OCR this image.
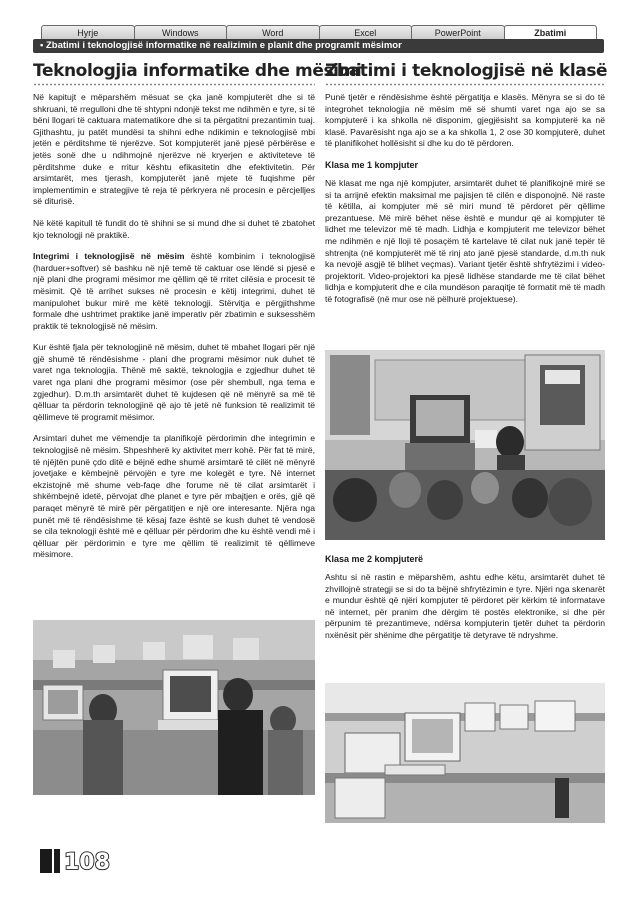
Hyrje	Windows	Word	Excel	PowerPoint	Zbatimi
• Zbatimi i teknologjisë informatike në realizimin e planit dhe programit mësimor
Teknologjia informatike dhe mësimi

Në kapitujt e mëparshëm mësuat se çka janë kompjuterët dhe si të shkruani, të rregulloni dhe të shtypni ndonjë tekst me ndihmën e tyre, si të bëni llogari të caktuara matematikore dhe si ta përgatitni prezantimin tuaj. Gjithashtu, ju patët mundësi ta shihni edhe ndikimin e teknologjisë mbi jetën e përditshme të njerëzve. Sot kompjuterët janë pjesë përbërëse e jetës sonë dhe u ndihmojnë njerëzve në kryerjen e aktiviteteve të përditshme duke e rritur kështu efikasitetin dhe efektivitetin. Për arsimtarët, mes tjerash, kompjuterët janë mjete të fuqishme për implementimin e strategjive të reja të përkryera në procesin e përcjelljes së diturisë.

Në këtë kapitull të fundit do të shihni se si mund dhe si duhet të zbatohet kjo teknologji në praktikë.

Integrimi i teknologjisë në mësim është kombinim i teknologjisë (harduer+softver) së bashku në një temë të caktuar ose lëndë si pjesë e një plani dhe programi mësimor me qëllim që të rritet cilësia e procesit të mësimit. Që të arrihet sukses në procesin e këtij integrimi, duhet të manipulohet bukur mirë me këtë teknologji. Stërvitja e përgjithshme formale dhe ushtrimet praktike janë imperativ për zbatimin e suksesshëm praktik të teknologjisë në mësim.

Kur është fjala për teknologjinë në mësim, duhet të mbahet llogari për një gjë shumë të rëndësishme - plani dhe programi mësimor nuk duhet të varet nga teknologjia. Thënë më saktë, teknologjia e zgjedhur duhet të varet nga plani dhe programi mësimor (ose për shembull, nga tema e zgjedhur). D.m.th arsimtarët duhet të kujdesen që në mënyrë sa më të qëlluar ta përdorin teknologjinë që ajo të jetë në funksion të realizimit të qëllimeve të programit mësimor.

Arsimtari duhet me vëmendje ta planifikojë përdorimin dhe integrimin e teknologjisë në mësim. Shpeshherë ky aktivitet merr kohë. Për fat të mirë, të njëjtën punë çdo ditë e bëjnë edhe shumë arsimtarë të cilët në mënyrë jovetjake e këmbejnë përvojën e tyre me kolegët e tyre. Në internet ekzistojnë më shume veb-faqe dhe forume në të cilat arsimtarët i shkëmbejnë idetë, përvojat dhe planet e tyre për mbajtjen e orës, gjë që paraqet mënyrë të mirë për përgatitjen e një ore interesante. Njëra nga punët më të rëndësishme të kësaj faze është se kush duhet të vendosë se cila teknologji është më e qëlluar për përdorim dhe ku është vendi më i qëlluar për përdorimin e tyre me qëllim të realizimit të qëllimeve mësimore.

Zbatimi i teknologjisë në klasë

Punë tjetër e rëndësishme është përgatitja e klasës. Mënyra se si do të integrohet teknologjia në mësim më së shumti varet nga ajo se sa kompjuterë i ka shkolla në disponim, gjegjësisht sa kompjuterë ka në klasë. Pavarësisht nga ajo se a ka shkolla 1, 2 ose 30 kompjuterë, duhet të planifikohet hollësisht si dhe ku do të përdoren.

Klasa me 1 kompjuter

Në klasat me nga një kompjuter, arsimtarët duhet të planifikojnë mirë se si ta arrijnë efektin maksimal me pajisjen të cilën e disponojnë. Në raste të këtilla, ai kompjuter më së miri mund të përdoret për qëllime prezantuese. Më mirë bëhet nëse është e mundur që ai kompjuter të lidhet me televizor më të madh. Lidhja e kompjuterit me televizor bëhet me ndihmën e një lloji të posaçëm të kartelave të cilat nuk janë tepër të shtrenjta (në kompjuterët më të rinj ato janë pjesë standarde, d.m.th nuk ka nevojë asgjë të blihet veçmas). Variant tjetër është shfrytëzimi i video-projektorit. Video-projektori ka pjesë lidhëse standarde me të cilat bëhet lidhja e kompjuterit dhe e cila mundëson paraqitje të formatit më të madh të fotografisë (në mur ose në pëlhurë projektuese).

Klasa me 2 kompjuterë

Ashtu si në rastin e mëparshëm, ashtu edhe këtu, arsimtarët duhet të zhvillojnë strategji se si do ta bëjnë shfrytëzimin e tyre. Njëri nga skenarët e mundur është që njëri kompjuter të përdoret për kërkim të informatave në internet, për pranim dhe dërgim të postës elektronike, si dhe për përpunim të prezantimeve, ndërsa kompjuterin tjetër duhet ta përdorin nxënësit për shënime dhe përgatitje të detyrave të ndryshme.

108
